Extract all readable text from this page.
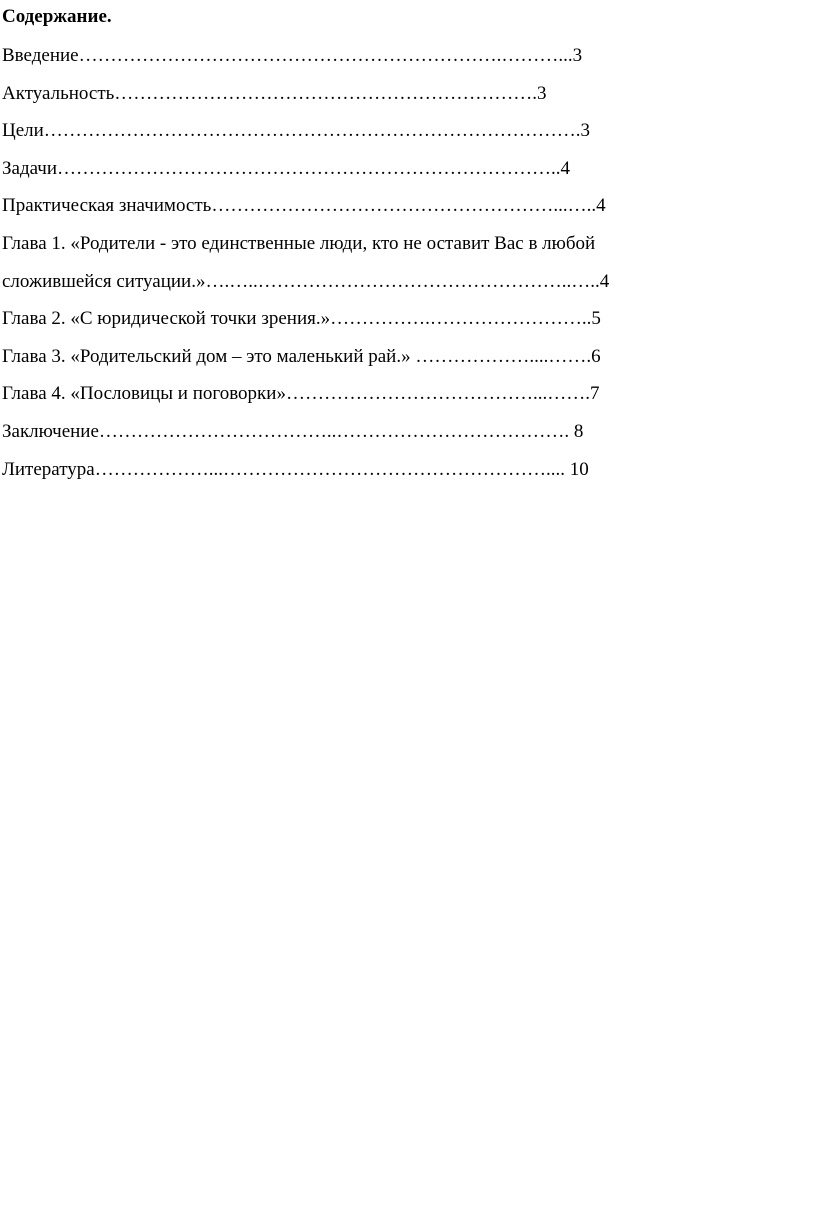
Содержание.

Введение………………………………………………………….………...3

Актуальность………………………………………………………….3

Цели………………………………………………………………………….3

Задачи……………………………………………………………………..4

Практическая значимость………………………………………………...…..4

Глава 1. «Родители - это единственные люди, кто не оставит Вас в любой

сложившейся ситуации.»….…..…………………………………………..…..4

Глава 2. «С юридической точки зрения.»…………….……………………..5

Глава 3. «Родительский дом – это маленький рай.» ………………....…….6

Глава 4. «Пословицы и поговорки»…………………………………...…….7

Заключение………………………………..………………………………. 8

Литература………………...…………………………………………….... 10
